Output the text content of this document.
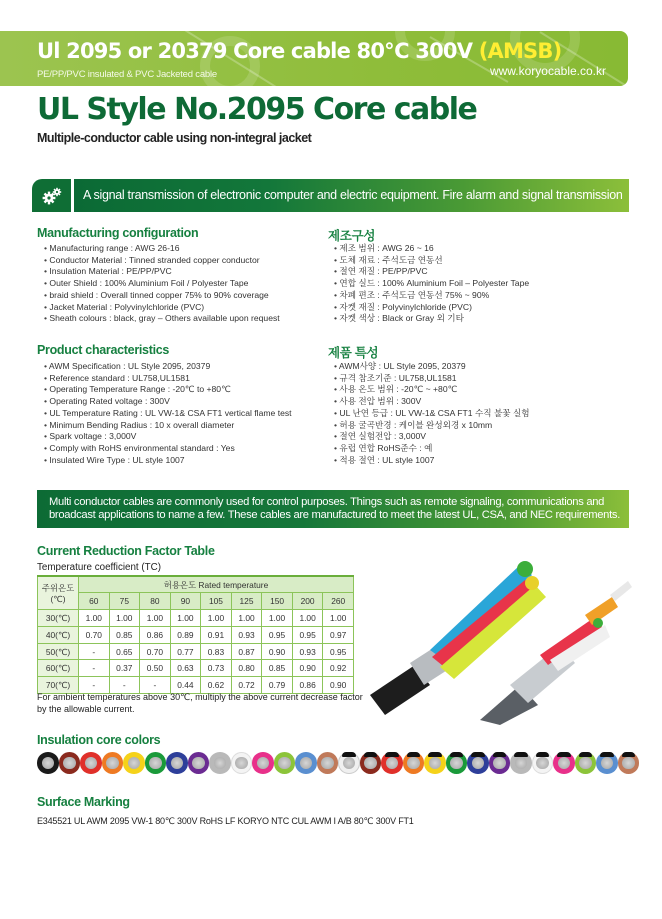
Ul 2095 or 20379 Core cable 80℃ 300V (AMSB)
PE/PP/PVC insulated & PVC Jacketed cable	www.koryocable.co.kr
UL Style No.2095 Core cable
Multiple-conductor cable using non-integral jacket
A signal transmission of electronic computer and electric equipment. Fire alarm and signal transmission
Manufacturing configuration
• Manufacturing range : AWG 26-16
• Conductor Material : Tinned stranded copper conductor
• Insulation Material : PE/PP/PVC
• Outer Shield : 100% Aluminium Foil / Polyester Tape
• braid shield : Overall tinned copper 75% to 90% coverage
• Jacket Material : Polyvinylchloride (PVC)
• Sheath colours : black, gray – Others available upon request
제조구성
• 제조 범위 : AWG 26 ~ 16
• 도체 재료 : 주석도금 연동선
• 절연 재질 : PE/PP/PVC
• 연합 실드 : 100% Aluminium Foil – Polyester Tape
• 차폐 편조 : 주석도금 연동선 75% ~ 90%
• 자켓 재질 : Polyvinylchloride (PVC)
• 자켓 색상 : Black or Gray 외 기타
Product characteristics
• AWM Specification : UL Style 2095, 20379
• Reference standard : UL758,UL1581
• Operating Temperature Range : -20℃ to +80℃
• Operating Rated voltage : 300V
• UL Temperature Rating : UL VW-1& CSA FT1 vertical flame test
• Minimum Bending Radius : 10 x overall diameter
• Spark voltage : 3,000V
• Comply with RoHS environmental standard : Yes
• Insulated Wire Type : UL style 1007
제품 특성
• AWM사양 : UL Style 2095, 20379
• 규격 참조기준 : UL758,UL1581
• 사용 온도 범위 : -20℃ ~ +80℃
• 사용 전압 범위 : 300V
• UL 난연 등급 : UL VW-1& CSA FT1 수직 불꽃 실험
• 허용 굴곡반경 : 케이블 완성외경 x 10mm
• 절연 실험전압 : 3,000V
• 유럽 연합 RoHS준수 : 예
• 적용 절연 : UL style 1007
Multi conductor cables are commonly used for control purposes. Things such as remote signaling, communications and
broadcast applications to name a few. These cables are manufactured to meet the latest UL, CSA, and NEC requirements.
Current Reduction Factor Table
Temperature coefficient (TC)
주위온도
(℃)	허용온도 Rated temperature								
	60	75	80	90	105	125	150	200	260
30(℃)	1.00	1.00	1.00	1.00	1.00	1.00	1.00	1.00	1.00
40(℃)	0.70	0.85	0.86	0.89	0.91	0.93	0.95	0.95	0.97
50(℃)	-	0.65	0.70	0.77	0.83	0.87	0.90	0.93	0.95
60(℃)	-	0.37	0.50	0.63	0.73	0.80	0.85	0.90	0.92
70(℃)	-	-	-	0.44	0.62	0.72	0.79	0.86	0.90
For ambient temperatures above 30℃, multiply the above current decrease factor by the allowable current.
Insulation core colors
Surface Marking
E345521 UL AWM 2095 VW-1 80℃ 300V RoHS LF KORYO NTC CUL AWM I A/B 80℃ 300V FT1
